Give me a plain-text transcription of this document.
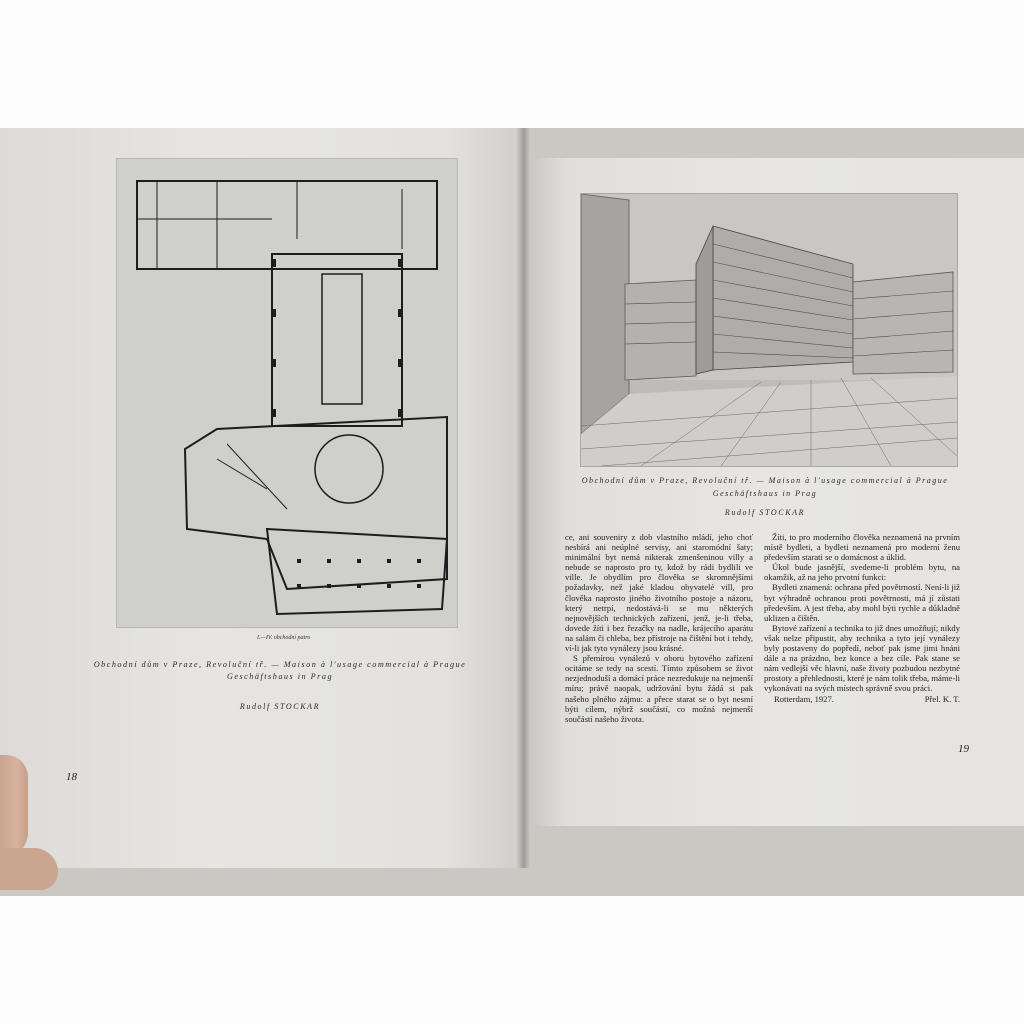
I.—IV. obchodní patro
Obchodní dům v Praze, Revoluční tř. — Maison à l'usage commercial à Prague
Geschäftshaus in Prag
Rudolf STOCKAR
18
Obchodní dům v Praze, Revoluční tř. — Maison à l'usage commercial à Prague
Geschäftshaus in Prag
Rudolf STOCKAR

ce, ani souveniry z dob vlastního mládí, jeho choť nesbírá ani neúplné servisy, ani staromódní šaty; minimální byt nemá nikterak zmenšeninou villy a nebude se naprosto pro ty, kdož by rádi bydlili ve ville. Je obydlím pro člověka se skromnějšími požadavky, než jaké kladou obyvatelé vill, pro člověka naprosto jiného životního postoje a názoru, který netrpí, nedostává-li se mu některých nejnovějších technických zařízení, jenž, je-li třeba, dovede žíti i bez řezačky na nadle, krájecího aparátu na salám či chleba, bez přístroje na čištění bot i tehdy, ví-li jak tyto vynálezy jsou krásné.

S přemírou vynálezů v oboru bytového zařízení ocitáme se tedy na scestí. Tímto způsobem se život nezjednoduší a domácí práce nezredukuje na nejmenší míru; právě naopak, udržování bytu žádá si pak našeho plného zájmu: a přece starat se o byt nesmí býti cílem, nýbrž součástí, co možná nejmenší součástí našeho života.

Žíti, to pro moderního člověka neznamená na prvním místě bydleti, a bydleti neznamená pro moderní ženu především starati se o domácnost a úklid.

Úkol bude jasnější, svedeme-li problém bytu, na okamžik, až na jeho prvotní funkci:

Bydleti znamená: ochrana před povětrností. Není-li již byt výhradně ochranou proti povětrnosti, má jí zůstati především. A jest třeba, aby mohl býti rychle a důkladně uklizen a čištěn.

Bytové zařízení a technika to již dnes umožňují; nikdy však nelze připustit, aby technika a tyto její vynálezy byly postaveny do popředí, neboť pak jsme jimi hnáni dále a na prázdno, bez konce a bez cíle. Pak stane se nám vedlejší věc hlavní, naše životy pozbudou nezbytné prostoty a přehlednosti, které je nám tolik třeba, máme-li vykonávati na svých místech správně svou práci.

Rotterdam, 1927.	Přel. K. T.
19
